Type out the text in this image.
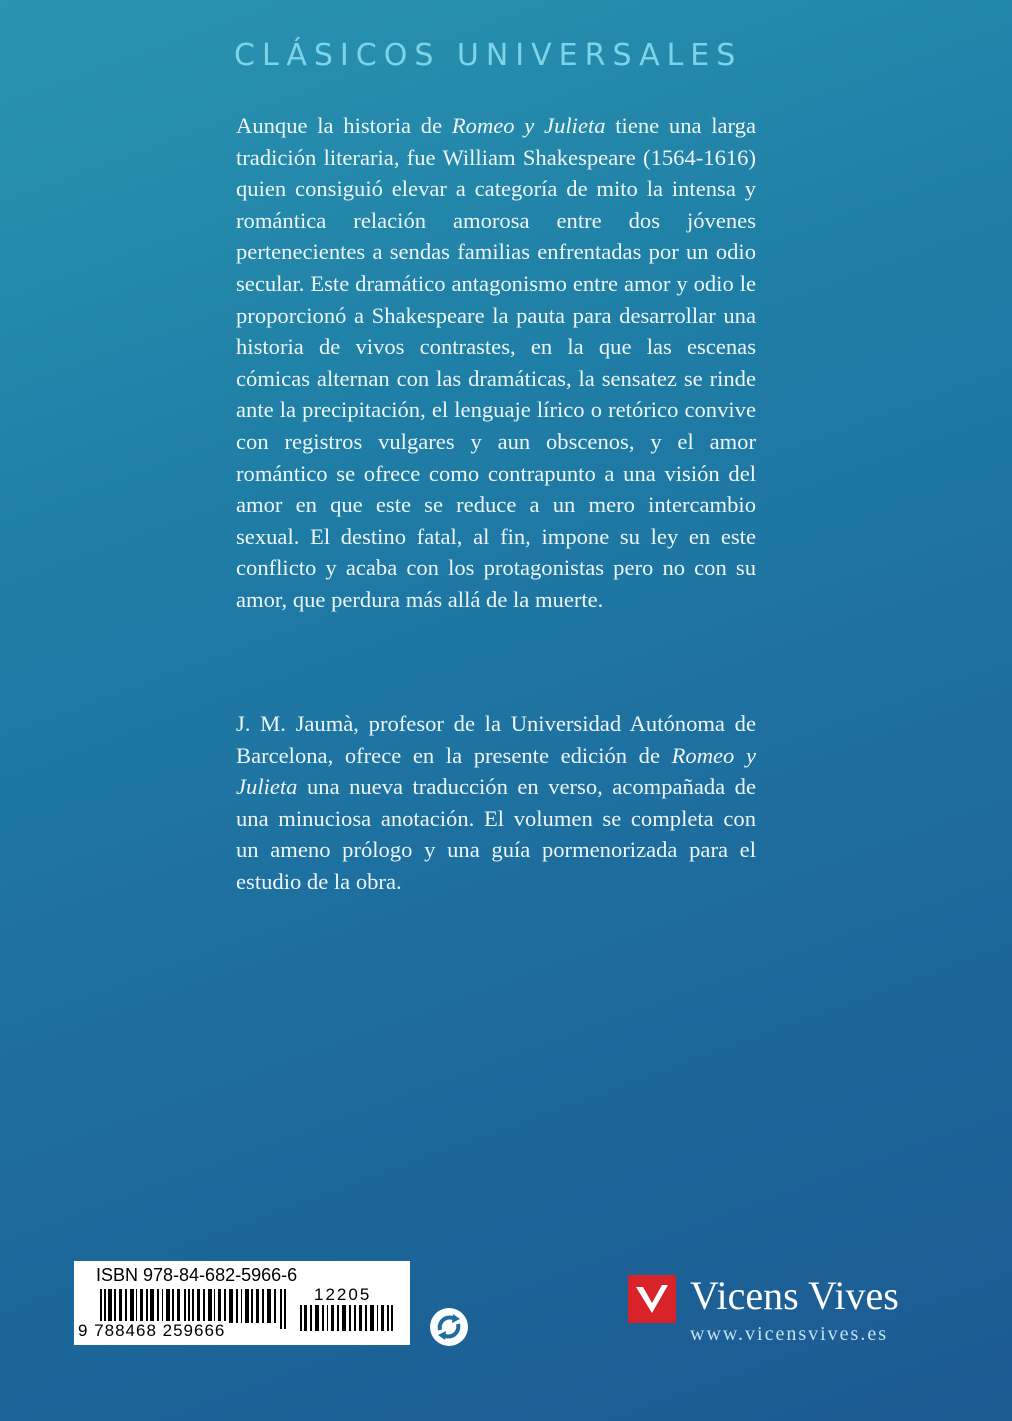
CLÁSICOS UNIVERSALES
Aunque la historia de Romeo y Julieta tiene una larga tradición literaria, fue William Shakespeare (1564-1616) quien consiguió elevar a categoría de mito la intensa y romántica relación amorosa entre dos jóvenes pertenecientes a sendas familias enfrentadas por un odio secular. Este dramático antagonismo entre amor y odio le proporcionó a Shakespeare la pauta para desarrollar una historia de vivos contrastes, en la que las escenas cómicas alternan con las dramáticas, la sensatez se rinde ante la precipitación, el lenguaje lírico o retórico convive con registros vulgares y aun obscenos, y el amor romántico se ofrece como contrapunto a una visión del amor en que este se reduce a un mero intercambio sexual. El destino fatal, al fin, impone su ley en este conflicto y acaba con los protagonistas pero no con su amor, que perdura más allá de la muerte.
J. M. Jaumà, profesor de la Universidad Autónoma de Barcelona, ofrece en la presente edición de Romeo y Julieta una nueva traducción en verso, acompañada de una minuciosa anotación. El volumen se completa con un ameno prólogo y una guía pormenorizada para el estudio de la obra.
ISBN 978-84-682-5966-6
12205
9 788468 259666
Vicens Vives
www.vicensvives.es
